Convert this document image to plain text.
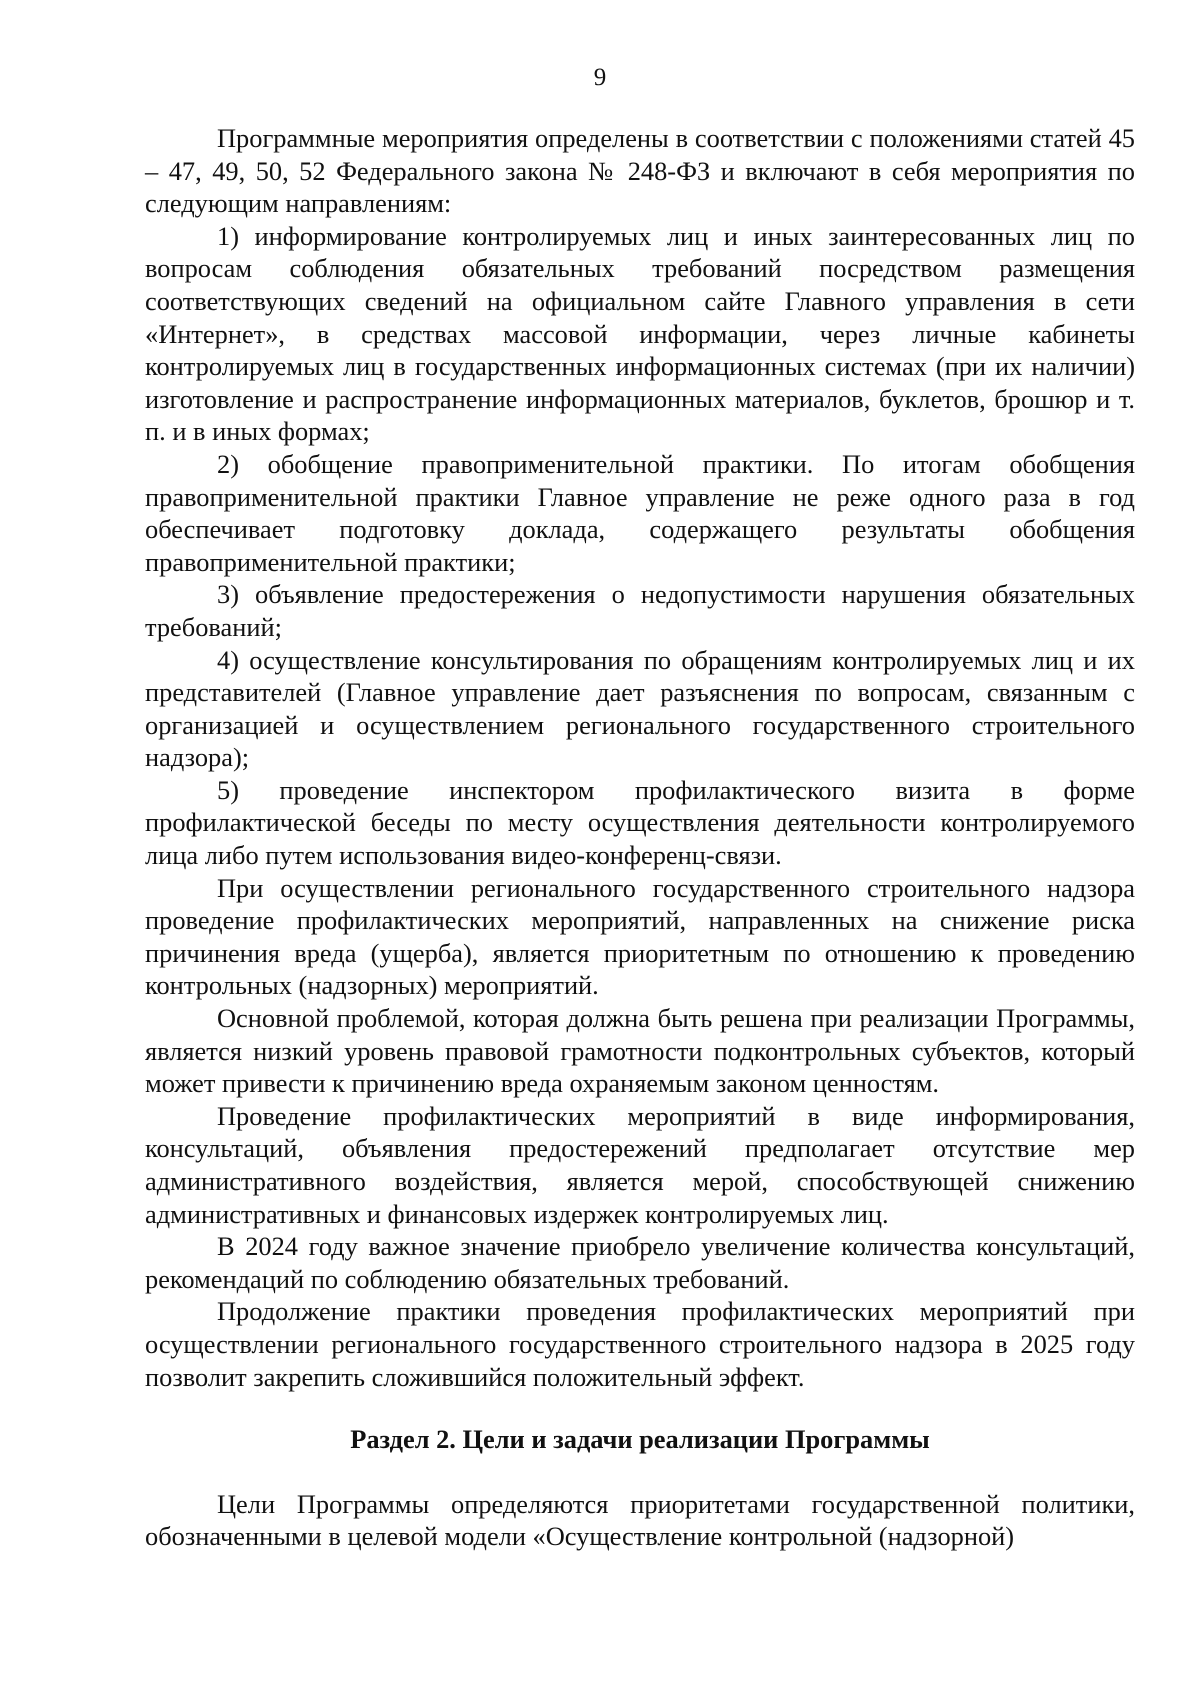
9

Программные мероприятия определены в соответствии с положениями статей 45 – 47, 49, 50, 52 Федерального закона № 248-ФЗ и включают в себя мероприятия по следующим направлениям:

1) информирование контролируемых лиц и иных заинтересованных лиц по вопросам соблюдения обязательных требований посредством размещения соответствующих сведений на официальном сайте Главного управления в сети «Интернет», в средствах массовой информации, через личные кабинеты контролируемых лиц в государственных информационных системах (при их наличии) изготовление и распространение информационных материалов, буклетов, брошюр и т. п. и в иных формах;

2) обобщение правоприменительной практики. По итогам обобщения правоприменительной практики Главное управление не реже одного раза в год обеспечивает подготовку доклада, содержащего результаты обобщения правоприменительной практики;

3) объявление предостережения о недопустимости нарушения обязательных требований;

4) осуществление консультирования по обращениям контролируемых лиц и их представителей (Главное управление дает разъяснения по вопросам, связанным с организацией и осуществлением регионального государственного строительного надзора);

5) проведение инспектором профилактического визита в форме профилактической беседы по месту осуществления деятельности контролируемого лица либо путем использования видео-конференц-связи.

При осуществлении регионального государственного строительного надзора проведение профилактических мероприятий, направленных на снижение риска причинения вреда (ущерба), является приоритетным по отношению к проведению контрольных (надзорных) мероприятий.

Основной проблемой, которая должна быть решена при реализации Программы, является низкий уровень правовой грамотности подконтрольных субъектов, который может привести к причинению вреда охраняемым законом ценностям.

Проведение профилактических мероприятий в виде информирования, консультаций, объявления предостережений предполагает отсутствие мер административного воздействия, является мерой, способствующей снижению административных и финансовых издержек контролируемых лиц.

В 2024 году важное значение приобрело увеличение количества консультаций, рекомендаций по соблюдению обязательных требований.

Продолжение практики проведения профилактических мероприятий при осуществлении регионального государственного строительного надзора в 2025 году позволит закрепить сложившийся положительный эффект.

Раздел 2. Цели и задачи реализации Программы

Цели Программы определяются приоритетами государственной политики, обозначенными в целевой модели «Осуществление контрольной (надзорной)
